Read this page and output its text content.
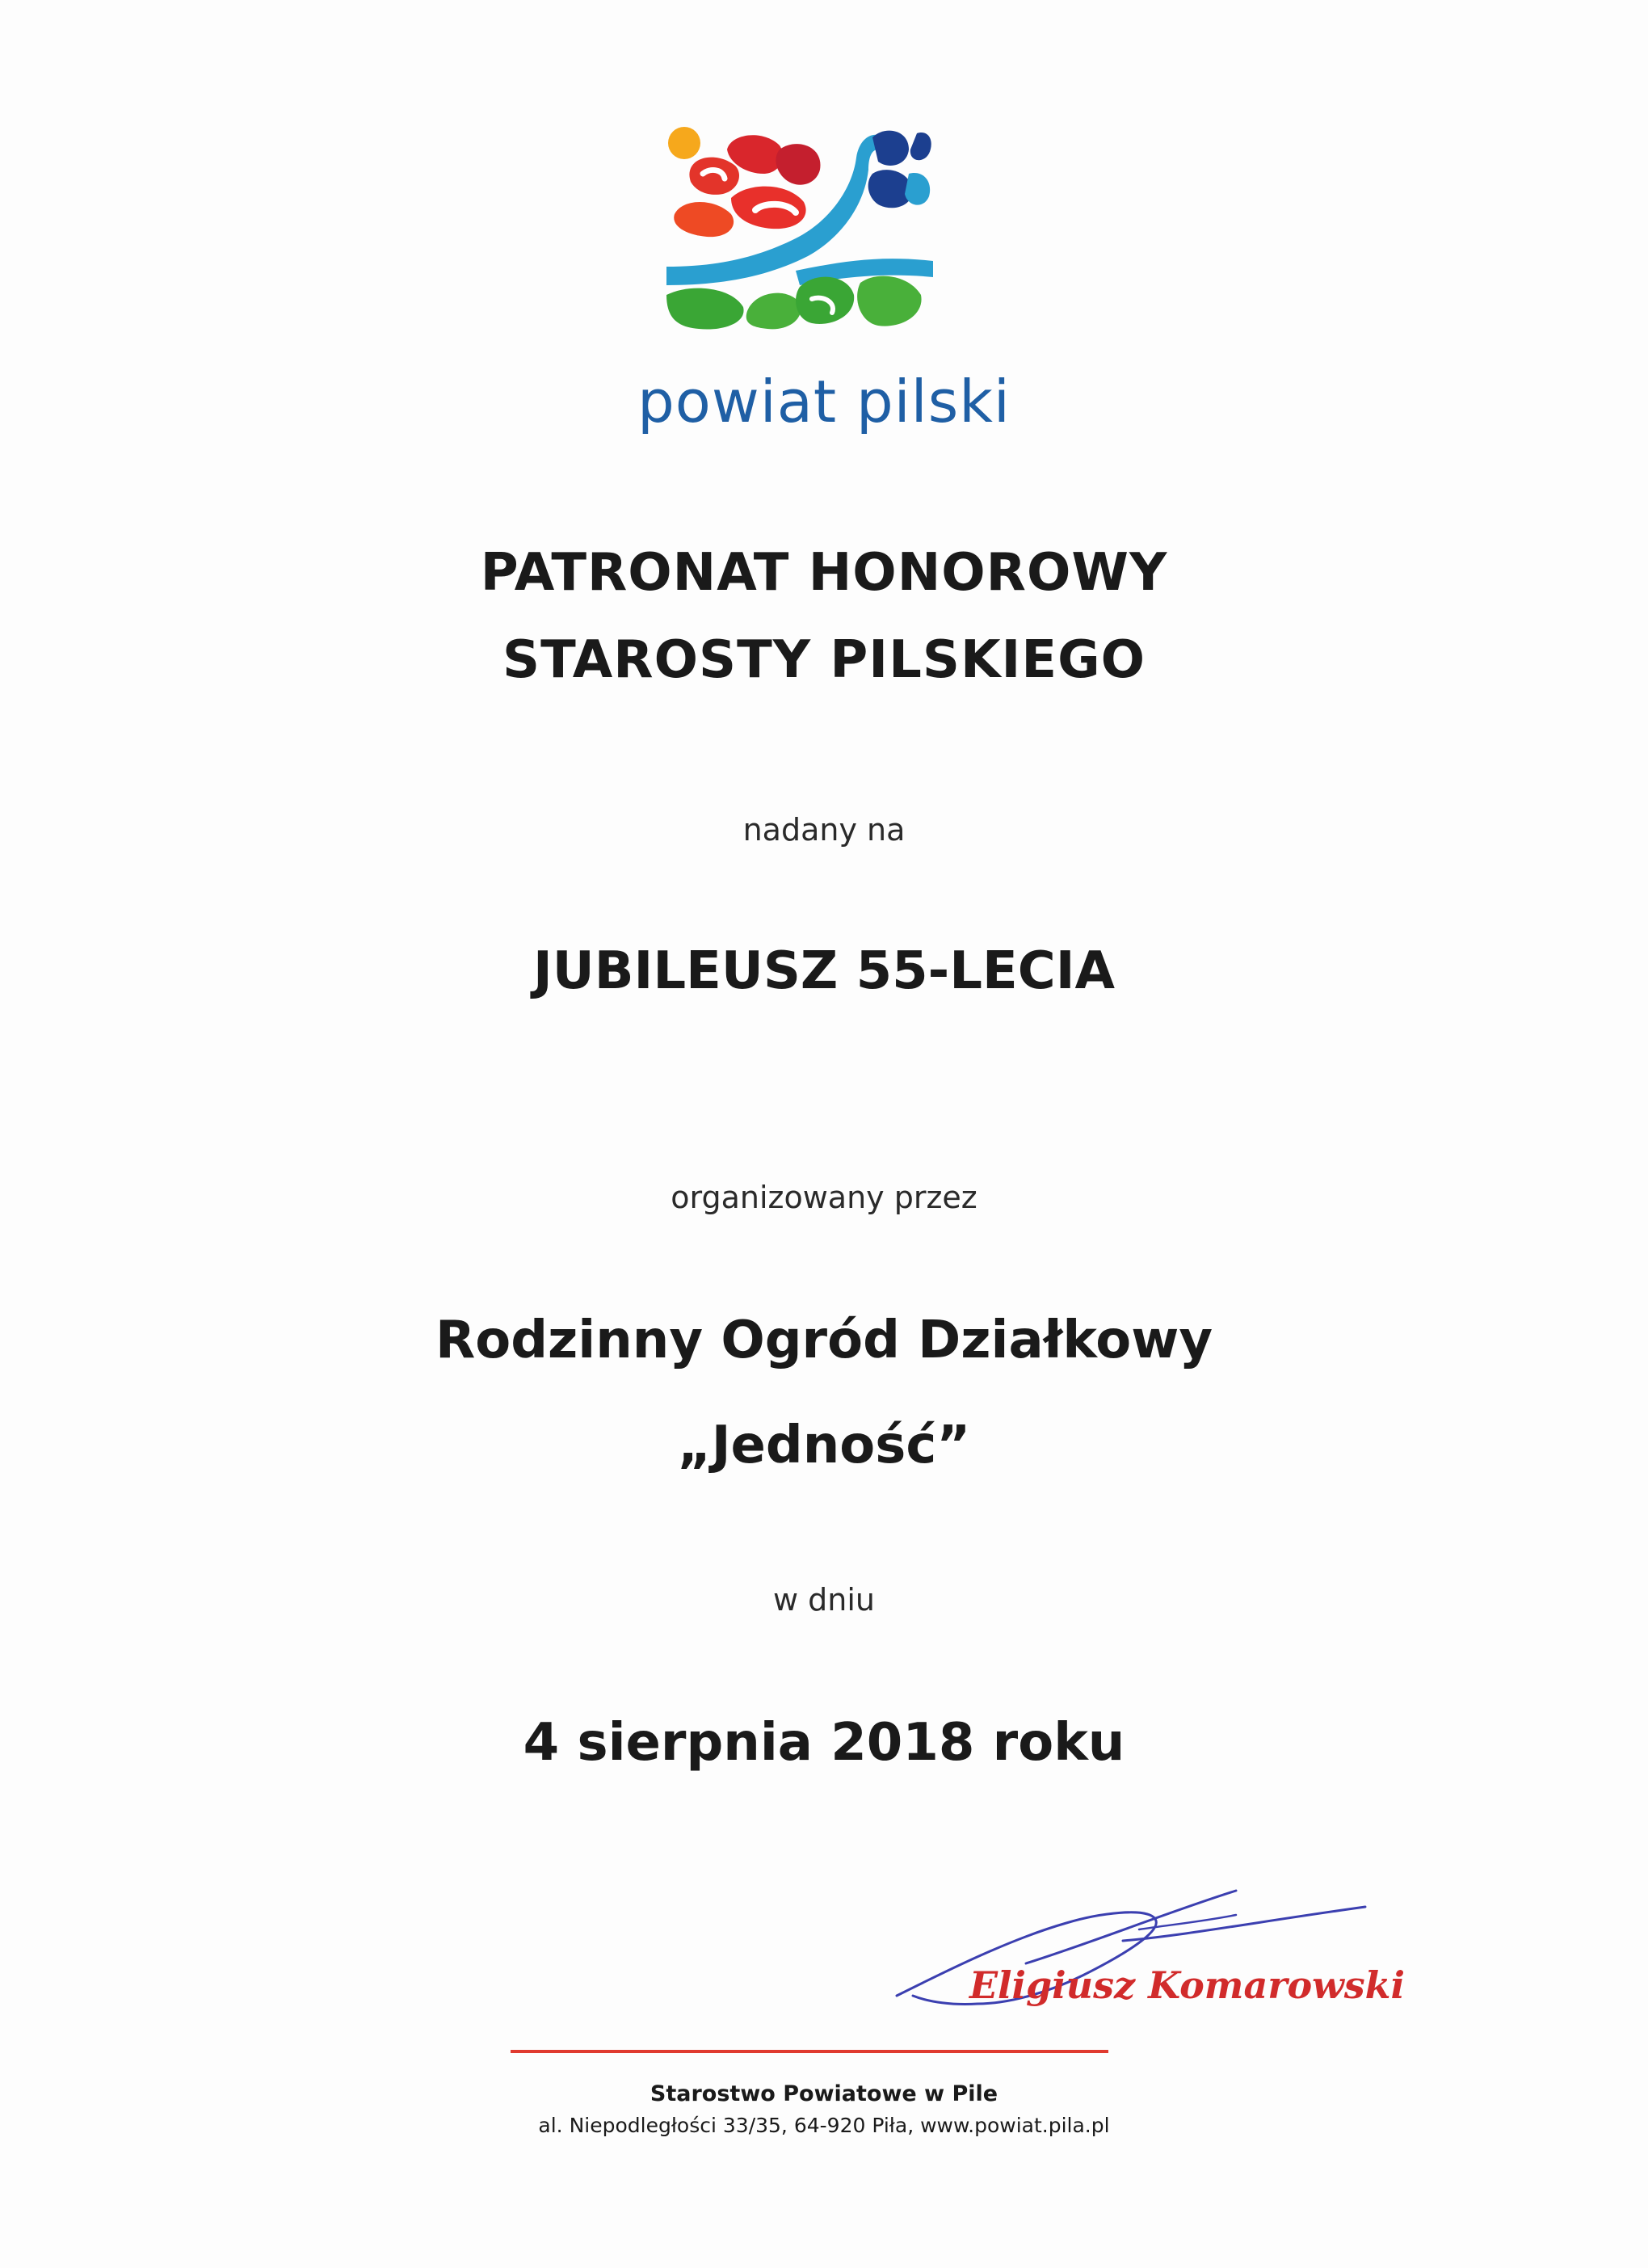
powiat pilski
PATRONAT HONOROWY
STAROSTY PILSKIEGO
nadany na
JUBILEUSZ 55-LECIA
organizowany przez
Rodzinny Ogród Działkowy
„Jedność”
w dniu
4 sierpnia 2018 roku
Eligiusz Komarowski
Starostwo Powiatowe w Pile
al. Niepodległości 33/35, 64-920 Piła, www.powiat.pila.pl
